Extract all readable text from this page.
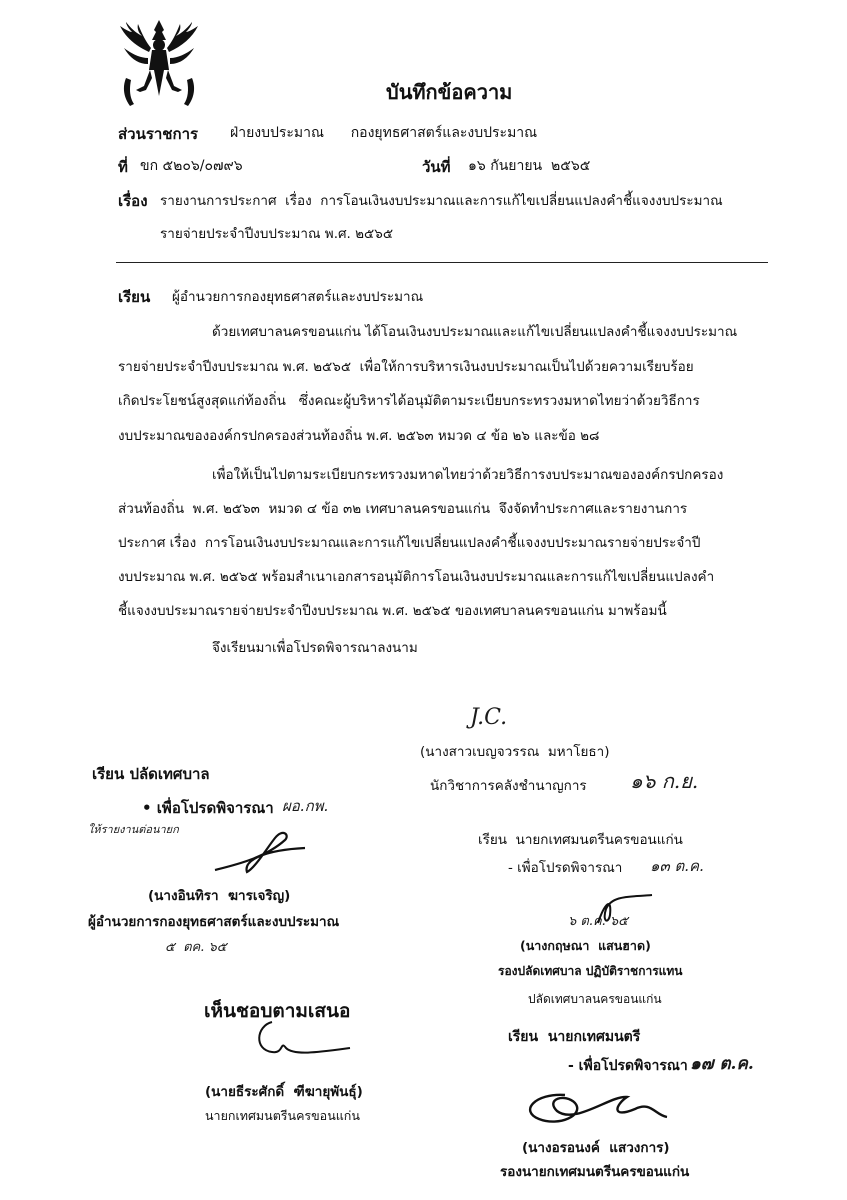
บันทึกข้อความ
ส่วนราชการ ฝ่ายงบประมาณ      กองยุทธศาสตร์และงบประมาณ
ที่ ขก ๕๒๐๖/๐๗๙๖	วันที่ ๑๖ กันยายน  ๒๕๖๕
เรื่อง รายงานการประกาศ  เรื่อง  การโอนเงินงบประมาณและการแก้ไขเปลี่ยนแปลงคำชี้แจงงบประมาณ
รายจ่ายประจำปีงบประมาณ พ.ศ. ๒๕๖๕
เรียน ผู้อำนวยการกองยุทธศาสตร์และงบประมาณ
ด้วยเทศบาลนครขอนแก่น ได้โอนเงินงบประมาณและแก้ไขเปลี่ยนแปลงคำชี้แจงงบประมาณ
รายจ่ายประจำปีงบประมาณ พ.ศ. ๒๕๖๕  เพื่อให้การบริหารเงินงบประมาณเป็นไปด้วยความเรียบร้อย
เกิดประโยชน์สูงสุดแก่ท้องถิ่น   ซึ่งคณะผู้บริหารได้อนุมัติตามระเบียบกระทรวงมหาดไทยว่าด้วยวิธีการ
งบประมาณขององค์กรปกครองส่วนท้องถิ่น พ.ศ. ๒๕๖๓ หมวด ๔ ข้อ ๒๖ และข้อ ๒๘
เพื่อให้เป็นไปตามระเบียบกระทรวงมหาดไทยว่าด้วยวิธีการงบประมาณขององค์กรปกครอง
ส่วนท้องถิ่น  พ.ศ. ๒๕๖๓  หมวด ๔ ข้อ ๓๒ เทศบาลนครขอนแก่น  จึงจัดทำประกาศและรายงานการ
ประกาศ เรื่อง  การโอนเงินงบประมาณและการแก้ไขเปลี่ยนแปลงคำชี้แจงงบประมาณรายจ่ายประจำปี
งบประมาณ พ.ศ. ๒๕๖๕ พร้อมสำเนาเอกสารอนุมัติการโอนเงินงบประมาณและการแก้ไขเปลี่ยนแปลงคำ
ชี้แจงงบประมาณรายจ่ายประจำปีงบประมาณ พ.ศ. ๒๕๖๕ ของเทศบาลนครขอนแก่น มาพร้อมนี้
จึงเรียนมาเพื่อโปรดพิจารณาลงนาม
J.C.
(นางสาวเบญจวรรณ  มหาโยธา)
นักวิชาการคลังชำนาญการ ๑๖ ก.ย.
เรียน ปลัดเทศบาล
• เพื่อโปรดพิจารณา ผอ.กพ.
ให้รายงานต่อนายก
(นางอินทิรา  ฆารเจริญ)
ผู้อำนวยการกองยุทธศาสตร์และงบประมาณ
๕  ตค. ๖๕
เรียน  นายกเทศมนตรีนครขอนแก่น
- เพื่อโปรดพิจารณา ๑๓ ต.ค.
๖ ต.ค. ๖๕
(นางกฤษณา  แสนฮาด)
รองปลัดเทศบาล ปฏิบัติราชการแทน
ปลัดเทศบาลนครขอนแก่น
เห็นชอบตามเสนอ
(นายธีระศักดิ์  ฑีฆายุพันธุ์)
นายกเทศมนตรีนครขอนแก่น
เรียน  นายกเทศมนตรี
- เพื่อโปรดพิจารณา ๑๗ ต.ค.
(นางอรอนงค์  แสวงการ)
รองนายกเทศมนตรีนครขอนแก่น
